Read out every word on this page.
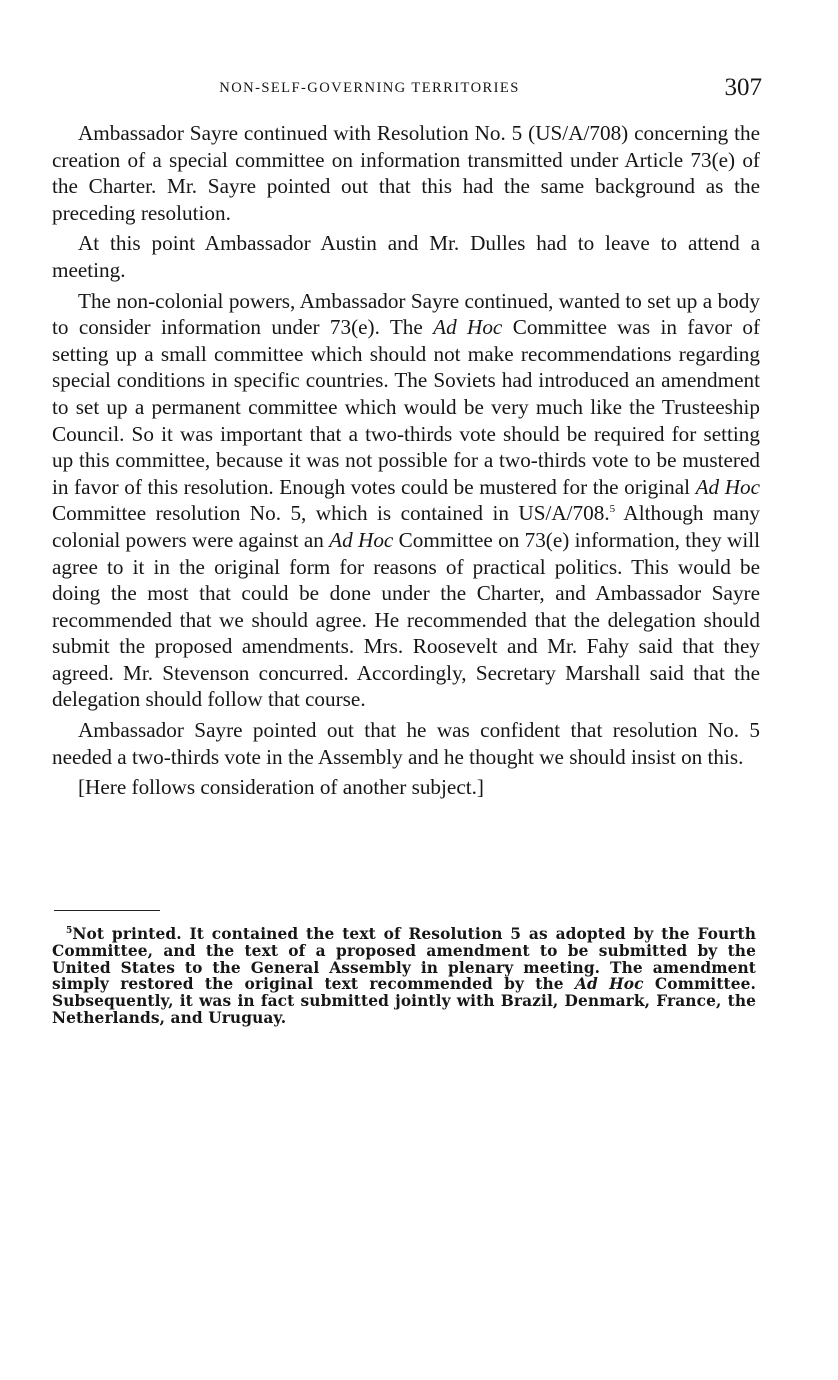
NON-SELF-GOVERNING TERRITORIES	307

Ambassador Sayre continued with Resolution No. 5 (US/A/708) concerning the creation of a special committee on information transmitted under Article 73(e) of the Charter. Mr. Sayre pointed out that this had the same background as the preceding resolution.

At this point Ambassador Austin and Mr. Dulles had to leave to attend a meeting.

The non-colonial powers, Ambassador Sayre continued, wanted to set up a body to consider information under 73(e). The Ad Hoc Committee was in favor of setting up a small committee which should not make recommendations regarding special conditions in specific countries. The Soviets had introduced an amendment to set up a permanent committee which would be very much like the Trusteeship Council. So it was important that a two-thirds vote should be required for setting up this committee, because it was not possible for a two-thirds vote to be mustered in favor of this resolution. Enough votes could be mustered for the original Ad Hoc Committee resolution No. 5, which is contained in US/A/708.$^5$ Although many colonial powers were against an Ad Hoc Committee on 73(e) information, they will agree to it in the original form for reasons of practical politics. This would be doing the most that could be done under the Charter, and Ambassador Sayre recommended that we should agree. He recommended that the delegation should submit the proposed amendments. Mrs. Roosevelt and Mr. Fahy said that they agreed. Mr. Stevenson concurred. Accordingly, Secretary Marshall said that the delegation should follow that course.

Ambassador Sayre pointed out that he was confident that resolution No. 5 needed a two-thirds vote in the Assembly and he thought we should insist on this.

[Here follows consideration of another subject.]

$^5$Not printed. It contained the text of Resolution 5 as adopted by the Fourth Committee, and the text of a proposed amendment to be submitted by the United States to the General Assembly in plenary meeting. The amendment simply restored the original text recommended by the Ad Hoc Committee. Subsequently, it was in fact submitted jointly with Brazil, Denmark, France, the Netherlands, and Uruguay.
